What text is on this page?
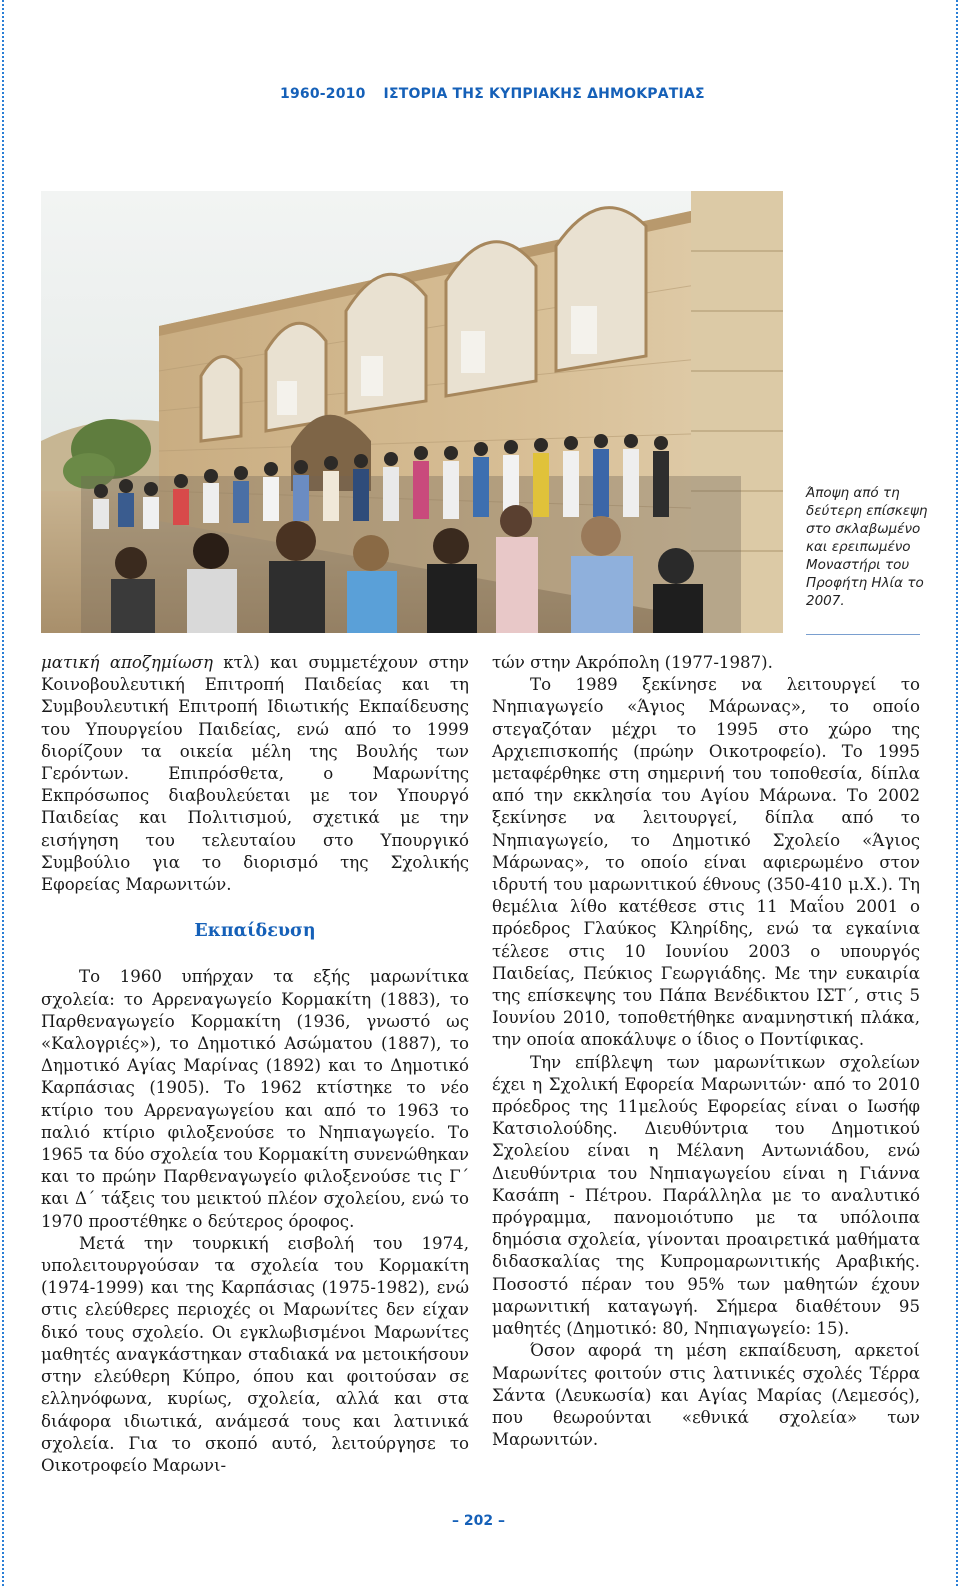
1960-2010 ΙΣΤΟΡΙΑ ΤΗΣ ΚΥΠΡΙΑΚΗΣ ΔΗΜΟΚΡΑΤΙΑΣ
Άποψη από τη δεύτερη επίσκεψη στο σκλαβωμένο και ερειπωμένο Μοναστήρι του Προφήτη Ηλία το 2007.

ματική αποζημίωση κτλ) και συμμετέχουν στην Κοινοβουλευτική Επιτροπή Παιδείας και τη Συμβουλευτική Επιτροπή Ιδιωτικής Εκπαίδευσης του Υπουργείου Παιδείας, ενώ από το 1999 διορίζουν τα οικεία μέλη της Βουλής των Γερόντων. Επιπρόσθετα, ο Μαρωνίτης Εκπρόσωπος διαβουλεύεται με τον Υπουργό Παιδείας και Πολιτισμού, σχετικά με την εισήγηση του τελευταίου στο Υπουργικό Συμβούλιο για το διορισμό της Σχολικής Εφορείας Μαρωνιτών.

Εκπαίδευση

Το 1960 υπήρχαν τα εξής μαρωνίτικα σχολεία: το Αρρεναγωγείο Κορμακίτη (1883), το Παρθεναγωγείο Κορμακίτη (1936, γνωστό ως «Καλογριές»), το Δημοτικό Ασώματου (1887), το Δημοτικό Αγίας Μαρίνας (1892) και το Δημοτικό Καρπάσιας (1905). Το 1962 κτίστηκε το νέο κτίριο του Αρρεναγωγείου και από το 1963 το παλιό κτίριο φιλοξενούσε το Νηπιαγωγείο. Το 1965 τα δύο σχολεία του Κορμακίτη συνενώθηκαν και το πρώην Παρθεναγωγείο φιλοξενούσε τις Γ΄ και Δ΄ τάξεις του μεικτού πλέον σχολείου, ενώ το 1970 προστέθηκε ο δεύτερος όροφος.

Μετά την τουρκική εισβολή του 1974, υπολειτουργούσαν τα σχολεία του Κορμακίτη (1974-1999) και της Καρπάσιας (1975-1982), ενώ στις ελεύθερες περιοχές οι Μαρωνίτες δεν είχαν δικό τους σχολείο. Οι εγκλωβισμένοι Μαρωνίτες μαθητές αναγκάστηκαν σταδιακά να μετοικήσουν στην ελεύθερη Κύπρο, όπου και φοιτούσαν σε ελληνόφωνα, κυρίως, σχολεία, αλλά και στα διάφορα ιδιωτικά, ανάμεσά τους και λατινικά σχολεία. Για το σκοπό αυτό, λειτούργησε το Οικοτροφείο Μαρωνι-

τών στην Ακρόπολη (1977-1987).

Το 1989 ξεκίνησε να λειτουργεί το Νηπιαγωγείο «Άγιος Μάρωνας», το οποίο στεγαζόταν μέχρι το 1995 στο χώρο της Αρχιεπισκοπής (πρώην Οικοτροφείο). Το 1995 μεταφέρθηκε στη σημερινή του τοποθεσία, δίπλα από την εκκλησία του Αγίου Μάρωνα. Το 2002 ξεκίνησε να λειτουργεί, δίπλα από το Νηπιαγωγείο, το Δημοτικό Σχολείο «Άγιος Μάρωνας», το οποίο είναι αφιερωμένο στον ιδρυτή του μαρωνιτικού έθνους (350-410 μ.Χ.). Τη θεμέλια λίθο κατέθεσε στις 11 Μαΐου 2001 ο πρόεδρος Γλαύκος Κληρίδης, ενώ τα εγκαίνια τέλεσε στις 10 Ιουνίου 2003 ο υπουργός Παιδείας, Πεύκιος Γεωργιάδης. Με την ευκαιρία της επίσκεψης του Πάπα Βενέδικτου ΙΣΤ΄, στις 5 Ιουνίου 2010, τοποθετήθηκε αναμνηστική πλάκα, την οποία αποκάλυψε ο ίδιος ο Ποντίφικας.

Την επίβλεψη των μαρωνίτικων σχολείων έχει η Σχολική Εφορεία Μαρωνιτών· από το 2010 πρόεδρος της 11μελούς Εφορείας είναι ο Ιωσήφ Κατσιολούδης. Διευθύντρια του Δημοτικού Σχολείου είναι η Μέλανη Αντωνιάδου, ενώ Διευθύντρια του Νηπιαγωγείου είναι η Γιάννα Κασάπη - Πέτρου. Παράλληλα με το αναλυτικό πρόγραμμα, πανομοιότυπο με τα υπόλοιπα δημόσια σχολεία, γίνονται προαιρετικά μαθήματα διδασκαλίας της Κυπρομαρωνιτικής Αραβικής. Ποσοστό πέραν του 95% των μαθητών έχουν μαρωνιτική καταγωγή. Σήμερα διαθέτουν 95 μαθητές (Δημοτικό: 80, Νηπιαγωγείο: 15).

Όσον αφορά τη μέση εκπαίδευση, αρκετοί Μαρωνίτες φοιτούν στις λατινικές σχολές Τέρρα Σάντα (Λευκωσία) και Αγίας Μαρίας (Λεμεσός), που θεωρούνται «εθνικά σχολεία» των Μαρωνιτών.

– 202 –
